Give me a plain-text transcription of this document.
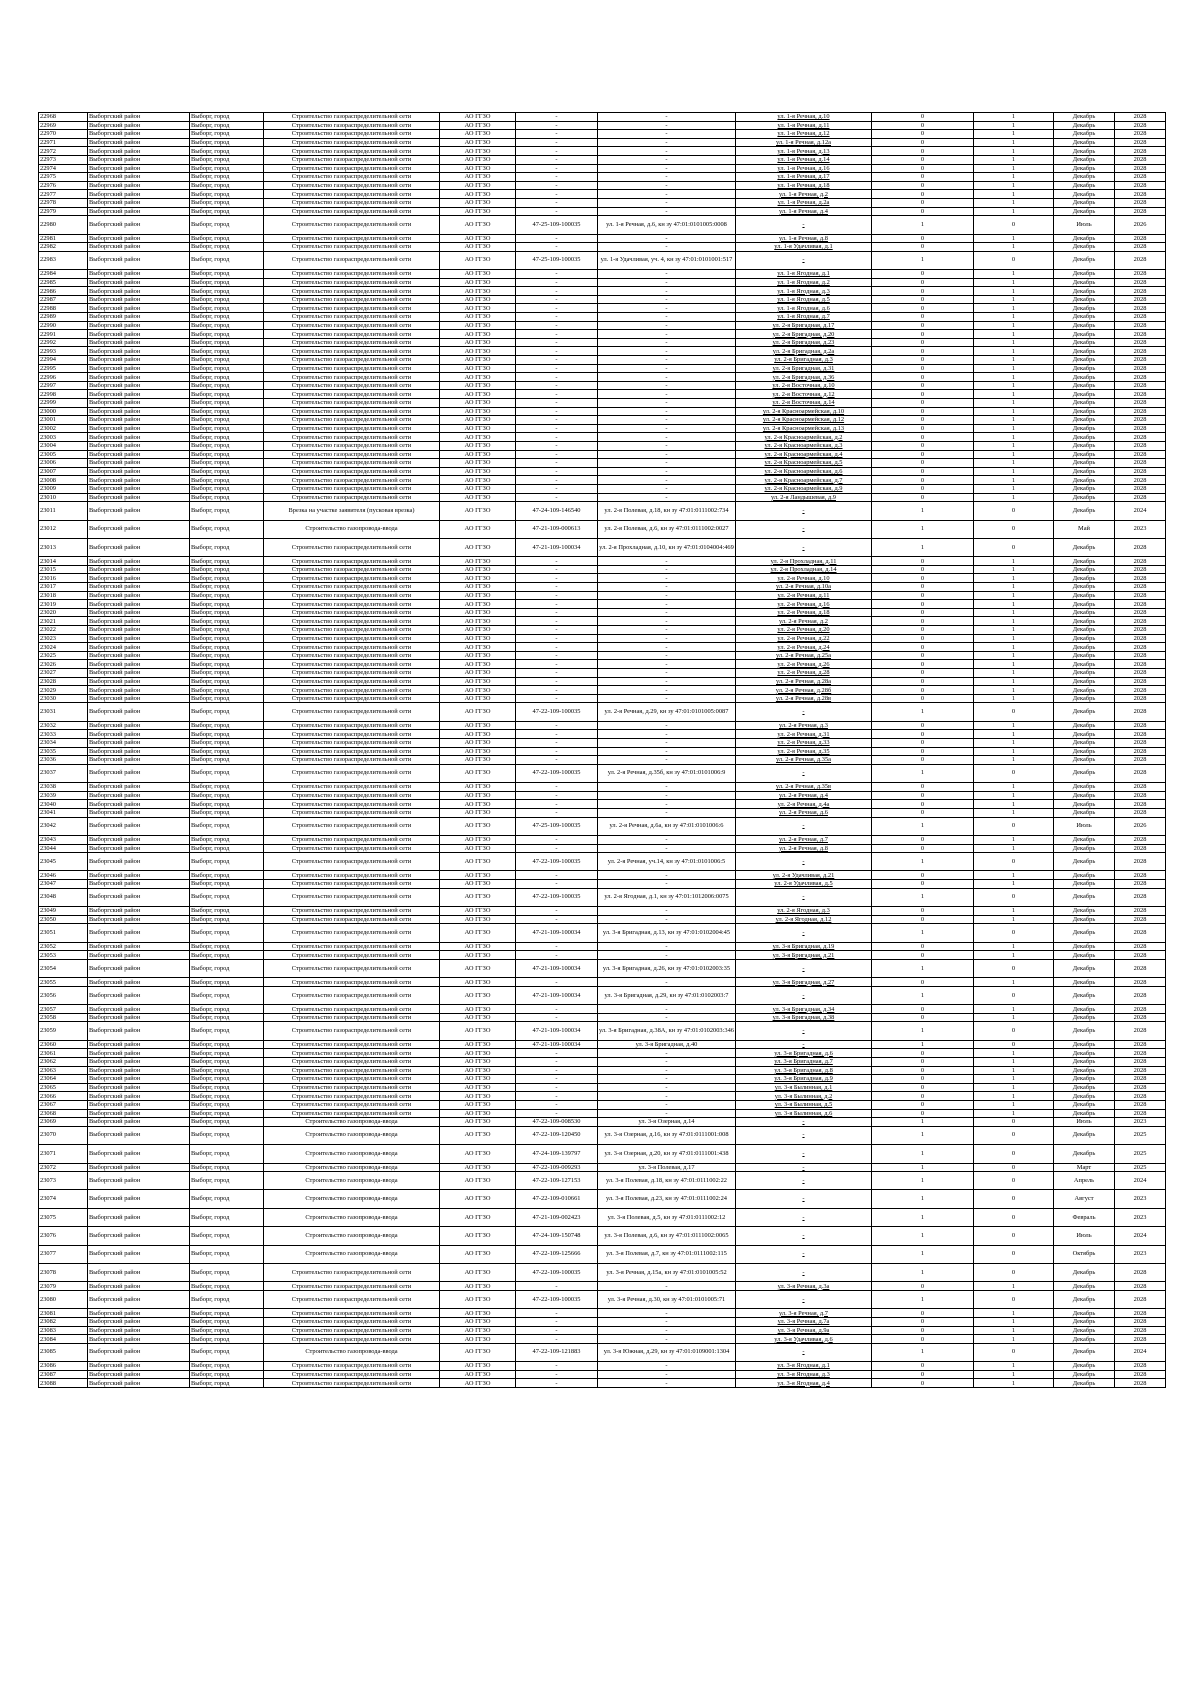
22968	Выборгский район	Выборг, город	Строительство газораспределительной сети	АО ГГЗО	-	-	ул. 1-я Речная, д.10	0	1	Декабрь	2028
22969	Выборгский район	Выборг, город	Строительство газораспределительной сети	АО ГГЗО	-	-	ул. 1-я Речная, д.11	0	1	Декабрь	2028
22970	Выборгский район	Выборг, город	Строительство газораспределительной сети	АО ГГЗО	-	-	ул. 1-я Речная, д.12	0	1	Декабрь	2028
22971	Выборгский район	Выборг, город	Строительство газораспределительной сети	АО ГГЗО	-	-	ул. 1-я Речная, д.12а	0	1	Декабрь	2028
22972	Выборгский район	Выборг, город	Строительство газораспределительной сети	АО ГГЗО	-	-	ул. 1-я Речная, д.13	0	1	Декабрь	2028
22973	Выборгский район	Выборг, город	Строительство газораспределительной сети	АО ГГЗО	-	-	ул. 1-я Речная, д.14	0	1	Декабрь	2028
22974	Выборгский район	Выборг, город	Строительство газораспределительной сети	АО ГГЗО	-	-	ул. 1-я Речная, д.16	0	1	Декабрь	2028
22975	Выборгский район	Выборг, город	Строительство газораспределительной сети	АО ГГЗО	-	-	ул. 1-я Речная, д.17	0	1	Декабрь	2028
22976	Выборгский район	Выборг, город	Строительство газораспределительной сети	АО ГГЗО	-	-	ул. 1-я Речная, д.18	0	1	Декабрь	2028
22977	Выборгский район	Выборг, город	Строительство газораспределительной сети	АО ГГЗО	-	-	ул. 1-я Речная, д.2	0	1	Декабрь	2028
22978	Выборгский район	Выборг, город	Строительство газораспределительной сети	АО ГГЗО	-	-	ул. 1-я Речная, д.2а	0	1	Декабрь	2028
22979	Выборгский район	Выборг, город	Строительство газораспределительной сети	АО ГГЗО	-	-	ул. 1-я Речная, д.4	0	1	Декабрь	2028
22980	Выборгский район	Выборг, город	Строительство газораспределительной сети	АО ГГЗО	47-25-109-100035	ул. 1-я Речная, д.6, кн зу 47:01:0101005:0008	-	1	0	Июль	2026
22981	Выборгский район	Выборг, город	Строительство газораспределительной сети	АО ГГЗО	-	-	ул. 1-я Речная, д.8	0	1	Декабрь	2028
22982	Выборгский район	Выборг, город	Строительство газораспределительной сети	АО ГГЗО	-	-	ул. 1-я Удачливая, д.1	0	1	Декабрь	2028
22983	Выборгский район	Выборг, город	Строительство газораспределительной сети	АО ГГЗО	47-25-109-100035	ул. 1-я Удачливая, уч. 4, кн зу 47:01:0101001:517	-	1	0	Декабрь	2028
22984	Выборгский район	Выборг, город	Строительство газораспределительной сети	АО ГГЗО	-	-	ул. 1-я Ягодная, д.1	0	1	Декабрь	2028
22985	Выборгский район	Выборг, город	Строительство газораспределительной сети	АО ГГЗО	-	-	ул. 1-я Ягодная, д.2	0	1	Декабрь	2028
22986	Выборгский район	Выборг, город	Строительство газораспределительной сети	АО ГГЗО	-	-	ул. 1-я Ягодная, д.3	0	1	Декабрь	2028
22987	Выборгский район	Выборг, город	Строительство газораспределительной сети	АО ГГЗО	-	-	ул. 1-я Ягодная, д.5	0	1	Декабрь	2028
22988	Выборгский район	Выборг, город	Строительство газораспределительной сети	АО ГГЗО	-	-	ул. 1-я Ягодная, д.6	0	1	Декабрь	2028
22989	Выборгский район	Выборг, город	Строительство газораспределительной сети	АО ГГЗО	-	-	ул. 1-я Ягодная, д.7	0	1	Декабрь	2028
22990	Выборгский район	Выборг, город	Строительство газораспределительной сети	АО ГГЗО	-	-	ул. 2-я Бригадная, д.17	0	1	Декабрь	2028
22991	Выборгский район	Выборг, город	Строительство газораспределительной сети	АО ГГЗО	-	-	ул. 2-я Бригадная, д.20	0	1	Декабрь	2028
22992	Выборгский район	Выборг, город	Строительство газораспределительной сети	АО ГГЗО	-	-	ул. 2-я Бригадная, д.23	0	1	Декабрь	2028
22993	Выборгский район	Выборг, город	Строительство газораспределительной сети	АО ГГЗО	-	-	ул. 2-я Бригадная, д.2а	0	1	Декабрь	2028
22994	Выборгский район	Выборг, город	Строительство газораспределительной сети	АО ГГЗО	-	-	ул. 2-я Бригадная, д.3	0	1	Декабрь	2028
22995	Выборгский район	Выборг, город	Строительство газораспределительной сети	АО ГГЗО	-	-	ул. 2-я Бригадная, д.31	0	1	Декабрь	2028
22996	Выборгский район	Выборг, город	Строительство газораспределительной сети	АО ГГЗО	-	-	ул. 2-я Бригадная, д.36	0	1	Декабрь	2028
22997	Выборгский район	Выборг, город	Строительство газораспределительной сети	АО ГГЗО	-	-	ул. 2-я Восточная, д.10	0	1	Декабрь	2028
22998	Выборгский район	Выборг, город	Строительство газораспределительной сети	АО ГГЗО	-	-	ул. 2-я Восточная, д.12	0	1	Декабрь	2028
22999	Выборгский район	Выборг, город	Строительство газораспределительной сети	АО ГГЗО	-	-	ул. 2-я Восточная, д.14	0	1	Декабрь	2028
23000	Выборгский район	Выборг, город	Строительство газораспределительной сети	АО ГГЗО	-	-	ул. 2-я Красноармейская, д.10	0	1	Декабрь	2028
23001	Выборгский район	Выборг, город	Строительство газораспределительной сети	АО ГГЗО	-	-	ул. 2-я Красноармейская, д.12	0	1	Декабрь	2028
23002	Выборгский район	Выборг, город	Строительство газораспределительной сети	АО ГГЗО	-	-	ул. 2-я Красноармейская, д.13	0	1	Декабрь	2028
23003	Выборгский район	Выборг, город	Строительство газораспределительной сети	АО ГГЗО	-	-	ул. 2-я Красноармейская, д.2	0	1	Декабрь	2028
23004	Выборгский район	Выборг, город	Строительство газораспределительной сети	АО ГГЗО	-	-	ул. 2-я Красноармейская, д.3	0	1	Декабрь	2028
23005	Выборгский район	Выборг, город	Строительство газораспределительной сети	АО ГГЗО	-	-	ул. 2-я Красноармейская, д.4	0	1	Декабрь	2028
23006	Выборгский район	Выборг, город	Строительство газораспределительной сети	АО ГГЗО	-	-	ул. 2-я Красноармейская, д.5	0	1	Декабрь	2028
23007	Выборгский район	Выборг, город	Строительство газораспределительной сети	АО ГГЗО	-	-	ул. 2-я Красноармейская, д.6	0	1	Декабрь	2028
23008	Выборгский район	Выборг, город	Строительство газораспределительной сети	АО ГГЗО	-	-	ул. 2-я Красноармейская, д.7	0	1	Декабрь	2028
23009	Выборгский район	Выборг, город	Строительство газораспределительной сети	АО ГГЗО	-	-	ул. 2-я Красноармейская, д.9	0	1	Декабрь	2028
23010	Выборгский район	Выборг, город	Строительство газораспределительной сети	АО ГГЗО	-	-	ул. 2-я Ландышевая, д.9	0	1	Декабрь	2028
23011	Выборгский район	Выборг, город	Врезка на участке заявителя (пусковая врезка)	АО ГГЗО	47-24-109-146540	ул. 2-я Полевая, д.18, кн зу 47:01:0111002:734	-	1	0	Декабрь	2024
23012	Выборгский район	Выборг, город	Строительство газопровода-ввода	АО ГГЗО	47-21-109-000613	ул. 2-я Полевая, д.6, кн зу 47:01:0111002:0027	-	1	0	Май	2023
23013	Выборгский район	Выборг, город	Строительство газораспределительной сети	АО ГГЗО	47-21-109-100034	ул. 2-я Прохладная, д.10, кн зу 47:01:0104004:469	-	1	0	Декабрь	2028
23014	Выборгский район	Выборг, город	Строительство газораспределительной сети	АО ГГЗО	-	-	ул. 2-я Прохладная, д.11	0	1	Декабрь	2028
23015	Выборгский район	Выборг, город	Строительство газораспределительной сети	АО ГГЗО	-	-	ул. 2-я Прохладная, д.14	0	1	Декабрь	2028
23016	Выборгский район	Выборг, город	Строительство газораспределительной сети	АО ГГЗО	-	-	ул. 2-я Речная, д.10	0	1	Декабрь	2028
23017	Выборгский район	Выборг, город	Строительство газораспределительной сети	АО ГГЗО	-	-	ул. 2-я Речная, д.10а	0	1	Декабрь	2028
23018	Выборгский район	Выборг, город	Строительство газораспределительной сети	АО ГГЗО	-	-	ул. 2-я Речная, д.11	0	1	Декабрь	2028
23019	Выборгский район	Выборг, город	Строительство газораспределительной сети	АО ГГЗО	-	-	ул. 2-я Речная, д.16	0	1	Декабрь	2028
23020	Выборгский район	Выборг, город	Строительство газораспределительной сети	АО ГГЗО	-	-	ул. 2-я Речная, д.18	0	1	Декабрь	2028
23021	Выборгский район	Выборг, город	Строительство газораспределительной сети	АО ГГЗО	-	-	ул. 2-я Речная, д.2	0	1	Декабрь	2028
23022	Выборгский район	Выборг, город	Строительство газораспределительной сети	АО ГГЗО	-	-	ул. 2-я Речная, д.20	0	1	Декабрь	2028
23023	Выборгский район	Выборг, город	Строительство газораспределительной сети	АО ГГЗО	-	-	ул. 2-я Речная, д.22	0	1	Декабрь	2028
23024	Выборгский район	Выборг, город	Строительство газораспределительной сети	АО ГГЗО	-	-	ул. 2-я Речная, д.24	0	1	Декабрь	2028
23025	Выборгский район	Выборг, город	Строительство газораспределительной сети	АО ГГЗО	-	-	ул. 2-я Речная, д.25а	0	1	Декабрь	2028
23026	Выборгский район	Выборг, город	Строительство газораспределительной сети	АО ГГЗО	-	-	ул. 2-я Речная, д.26	0	1	Декабрь	2028
23027	Выборгский район	Выборг, город	Строительство газораспределительной сети	АО ГГЗО	-	-	ул. 2-я Речная, д.28	0	1	Декабрь	2028
23028	Выборгский район	Выборг, город	Строительство газораспределительной сети	АО ГГЗО	-	-	ул. 2-я Речная, д.28а	0	1	Декабрь	2028
23029	Выборгский район	Выборг, город	Строительство газораспределительной сети	АО ГГЗО	-	-	ул. 2-я Речная, д.28б	0	1	Декабрь	2028
23030	Выборгский район	Выборг, город	Строительство газораспределительной сети	АО ГГЗО	-	-	ул. 2-я Речная, д.28в	0	1	Декабрь	2028
23031	Выборгский район	Выборг, город	Строительство газораспределительной сети	АО ГГЗО	47-22-109-100035	ул. 2-я Речная, д.29, кн зу 47:01:0101005:0087	-	1	0	Декабрь	2028
23032	Выборгский район	Выборг, город	Строительство газораспределительной сети	АО ГГЗО	-	-	ул. 2-я Речная, д.3	0	1	Декабрь	2028
23033	Выборгский район	Выборг, город	Строительство газораспределительной сети	АО ГГЗО	-	-	ул. 2-я Речная, д.31	0	1	Декабрь	2028
23034	Выборгский район	Выборг, город	Строительство газораспределительной сети	АО ГГЗО	-	-	ул. 2-я Речная, д.33	0	1	Декабрь	2028
23035	Выборгский район	Выборг, город	Строительство газораспределительной сети	АО ГГЗО	-	-	ул. 2-я Речная, д.35	0	1	Декабрь	2028
23036	Выборгский район	Выборг, город	Строительство газораспределительной сети	АО ГГЗО	-	-	ул. 2-я Речная, д.35а	0	1	Декабрь	2028
23037	Выборгский район	Выборг, город	Строительство газораспределительной сети	АО ГГЗО	47-22-109-100035	ул. 2-я Речная, д.35б, кн зу 47:01:0101006:9	-	1	0	Декабрь	2028
23038	Выборгский район	Выборг, город	Строительство газораспределительной сети	АО ГГЗО	-	-	ул. 2-я Речная, д.35в	0	1	Декабрь	2028
23039	Выборгский район	Выборг, город	Строительство газораспределительной сети	АО ГГЗО	-	-	ул. 2-я Речная, д.4	0	1	Декабрь	2028
23040	Выборгский район	Выборг, город	Строительство газораспределительной сети	АО ГГЗО	-	-	ул. 2-я Речная, д.4а	0	1	Декабрь	2028
23041	Выборгский район	Выборг, город	Строительство газораспределительной сети	АО ГГЗО	-	-	ул. 2-я Речная, д.6	0	1	Декабрь	2028
23042	Выборгский район	Выборг, город	Строительство газораспределительной сети	АО ГГЗО	47-25-109-100035	ул. 2-я Речная, д.6а, кн зу 47:01:0101006:6	-	1	0	Июль	2026
23043	Выборгский район	Выборг, город	Строительство газораспределительной сети	АО ГГЗО	-	-	ул. 2-я Речная, д.7	0	1	Декабрь	2028
23044	Выборгский район	Выборг, город	Строительство газораспределительной сети	АО ГГЗО	-	-	ул. 2-я Речная, д.8	0	1	Декабрь	2028
23045	Выборгский район	Выборг, город	Строительство газораспределительной сети	АО ГГЗО	47-22-109-100035	ул. 2-я Речная, уч.14, кн зу 47:01:0101006:5	-	1	0	Декабрь	2028
23046	Выборгский район	Выборг, город	Строительство газораспределительной сети	АО ГГЗО	-	-	ул. 2-я Удачливая, д.21	0	1	Декабрь	2028
23047	Выборгский район	Выборг, город	Строительство газораспределительной сети	АО ГГЗО	-	-	ул. 2-я Удачливая, д.5	0	1	Декабрь	2028
23048	Выборгский район	Выборг, город	Строительство газораспределительной сети	АО ГГЗО	47-22-109-100035	ул. 2-я Ягодная, д.1, кн зу 47:01:1012006:0075	-	1	0	Декабрь	2028
23049	Выборгский район	Выборг, город	Строительство газораспределительной сети	АО ГГЗО	-	-	ул. 2-я Ягодная, д.3	0	1	Декабрь	2028
23050	Выборгский район	Выборг, город	Строительство газораспределительной сети	АО ГГЗО	-	-	ул. 2-я Ягодная, д.12	0	1	Декабрь	2028
23051	Выборгский район	Выборг, город	Строительство газораспределительной сети	АО ГГЗО	47-21-109-100034	ул. 3-я Бригадная, д.13, кн зу 47:01:0102004:45	-	1	0	Декабрь	2028
23052	Выборгский район	Выборг, город	Строительство газораспределительной сети	АО ГГЗО	-	-	ул. 3-я Бригадная, д.19	0	1	Декабрь	2028
23053	Выборгский район	Выборг, город	Строительство газораспределительной сети	АО ГГЗО	-	-	ул. 3-я Бригадная, д.21	0	1	Декабрь	2028
23054	Выборгский район	Выборг, город	Строительство газораспределительной сети	АО ГГЗО	47-21-109-100034	ул. 3-я Бригадная, д.26, кн зу 47:01:0102003:35	-	1	0	Декабрь	2028
23055	Выборгский район	Выборг, город	Строительство газораспределительной сети	АО ГГЗО	-	-	ул. 3-я Бригадная, д.27	0	1	Декабрь	2028
23056	Выборгский район	Выборг, город	Строительство газораспределительной сети	АО ГГЗО	47-21-109-100034	ул. 3-я Бригадная, д.29, кн зу 47:01:0102003:7	-	1	0	Декабрь	2028
23057	Выборгский район	Выборг, город	Строительство газораспределительной сети	АО ГГЗО	-	-	ул. 3-я Бригадная, д.34	0	1	Декабрь	2028
23058	Выборгский район	Выборг, город	Строительство газораспределительной сети	АО ГГЗО	-	-	ул. 3-я Бригадная, д.38	0	1	Декабрь	2028
23059	Выборгский район	Выборг, город	Строительство газораспределительной сети	АО ГГЗО	47-21-109-100034	ул. 3-я Бригадная, д.38А, кн зу 47:01:0102003:346	-	1	0	Декабрь	2028
23060	Выборгский район	Выборг, город	Строительство газораспределительной сети	АО ГГЗО	47-21-109-100034	ул. 3-я Бригадная, д.40	-	1	0	Декабрь	2028
23061	Выборгский район	Выборг, город	Строительство газораспределительной сети	АО ГГЗО	-	-	ул. 3-я Бригадная, д.6	0	1	Декабрь	2028
23062	Выборгский район	Выборг, город	Строительство газораспределительной сети	АО ГГЗО	-	-	ул. 3-я Бригадная, д.7	0	1	Декабрь	2028
23063	Выборгский район	Выборг, город	Строительство газораспределительной сети	АО ГГЗО	-	-	ул. 3-я Бригадная, д.8	0	1	Декабрь	2028
23064	Выборгский район	Выборг, город	Строительство газораспределительной сети	АО ГГЗО	-	-	ул. 3-я Бригадная, д.9	0	1	Декабрь	2028
23065	Выборгский район	Выборг, город	Строительство газораспределительной сети	АО ГГЗО	-	-	ул. 3-я Былинная, д.1	0	1	Декабрь	2028
23066	Выборгский район	Выборг, город	Строительство газораспределительной сети	АО ГГЗО	-	-	ул. 3-я Былинная, д.2	0	1	Декабрь	2028
23067	Выборгский район	Выборг, город	Строительство газораспределительной сети	АО ГГЗО	-	-	ул. 3-я Былинная, д.5	0	1	Декабрь	2028
23068	Выборгский район	Выборг, город	Строительство газораспределительной сети	АО ГГЗО	-	-	ул. 3-я Былинная, д.6	0	1	Декабрь	2028
23069	Выборгский район	Выборг, город	Строительство газопровода-ввода	АО ГГЗО	47-22-109-008530	ул. 3-я Озерная, д.14	-	1	0	Июль	2023
23070	Выборгский район	Выборг, город	Строительство газопровода-ввода	АО ГГЗО	47-22-109-120450	ул. 3-я Озерная, д.16, кн зу 47:01:0111001:008	-	1	0	Декабрь	2025
23071	Выборгский район	Выборг, город	Строительство газопровода-ввода	АО ГГЗО	47-24-109-139797	ул. 3-я Озерная, д.20, кн зу 47:01:0111001:438	-	1	0	Декабрь	2025
23072	Выборгский район	Выборг, город	Строительство газопровода-ввода	АО ГГЗО	47-22-109-009293	ул. 3-я Полевая, д.17	-	1	0	Март	2025
23073	Выборгский район	Выборг, город	Строительство газопровода-ввода	АО ГГЗО	47-22-109-127153	ул. 3-я Полевая, д.18, кн зу 47:01:0111002:22	-	1	0	Апрель	2024
23074	Выборгский район	Выборг, город	Строительство газопровода-ввода	АО ГГЗО	47-22-109-010661	ул. 3-я Полевая, д.23, кн зу 47:01:0111002:24	-	1	0	Август	2023
23075	Выборгский район	Выборг, город	Строительство газопровода-ввода	АО ГГЗО	47-21-109-002423	ул. 3-я Полевая, д.5, кн зу 47:01:0111002:12	-	1	0	Февраль	2023
23076	Выборгский район	Выборг, город	Строительство газопровода-ввода	АО ГГЗО	47-24-109-150748	ул. 3-я Полевая, д.6, кн зу 47:01:0111002:0065	-	1	0	Июль	2024
23077	Выборгский район	Выборг, город	Строительство газопровода-ввода	АО ГГЗО	47-22-109-125666	ул. 3-я Полевая, д.7, кн зу 47:01:0111002:115	-	1	0	Октябрь	2023
23078	Выборгский район	Выборг, город	Строительство газораспределительной сети	АО ГГЗО	47-22-109-100035	ул. 3-я Речная, д.15а, кн зу 47:01:0101005:52	-	1	0	Декабрь	2028
23079	Выборгский район	Выборг, город	Строительство газораспределительной сети	АО ГГЗО	-	-	ул. 3-я Речная, д.3а	0	1	Декабрь	2028
23080	Выборгский район	Выборг, город	Строительство газораспределительной сети	АО ГГЗО	47-22-109-100035	ул. 3-я Речная, д.30, кн зу 47:01:0101005:71	-	1	0	Декабрь	2028
23081	Выборгский район	Выборг, город	Строительство газораспределительной сети	АО ГГЗО	-	-	ул. 3-я Речная, д.7	0	1	Декабрь	2028
23082	Выборгский район	Выборг, город	Строительство газораспределительной сети	АО ГГЗО	-	-	ул. 3-я Речная, д.7а	0	1	Декабрь	2028
23083	Выборгский район	Выборг, город	Строительство газораспределительной сети	АО ГГЗО	-	-	ул. 3-я Речная, д.9а	0	1	Декабрь	2028
23084	Выборгский район	Выборг, город	Строительство газораспределительной сети	АО ГГЗО	-	-	ул. 3-я Удачливая, д.6	0	1	Декабрь	2028
23085	Выборгский район	Выборг, город	Строительство газопровода-ввода	АО ГГЗО	47-22-109-121883	ул. 3-я Южная, д.29, кн зу 47:01:0109001:1304	-	1	0	Декабрь	2024
23086	Выборгский район	Выборг, город	Строительство газораспределительной сети	АО ГГЗО	-	-	ул. 3-я Ягодная, д.1	0	1	Декабрь	2028
23087	Выборгский район	Выборг, город	Строительство газораспределительной сети	АО ГГЗО	-	-	ул. 3-я Ягодная, д.3	0	1	Декабрь	2028
23088	Выборгский район	Выборг, город	Строительство газораспределительной сети	АО ГГЗО	-	-	ул. 3-я Ягодная, д.4	0	1	Декабрь	2028
